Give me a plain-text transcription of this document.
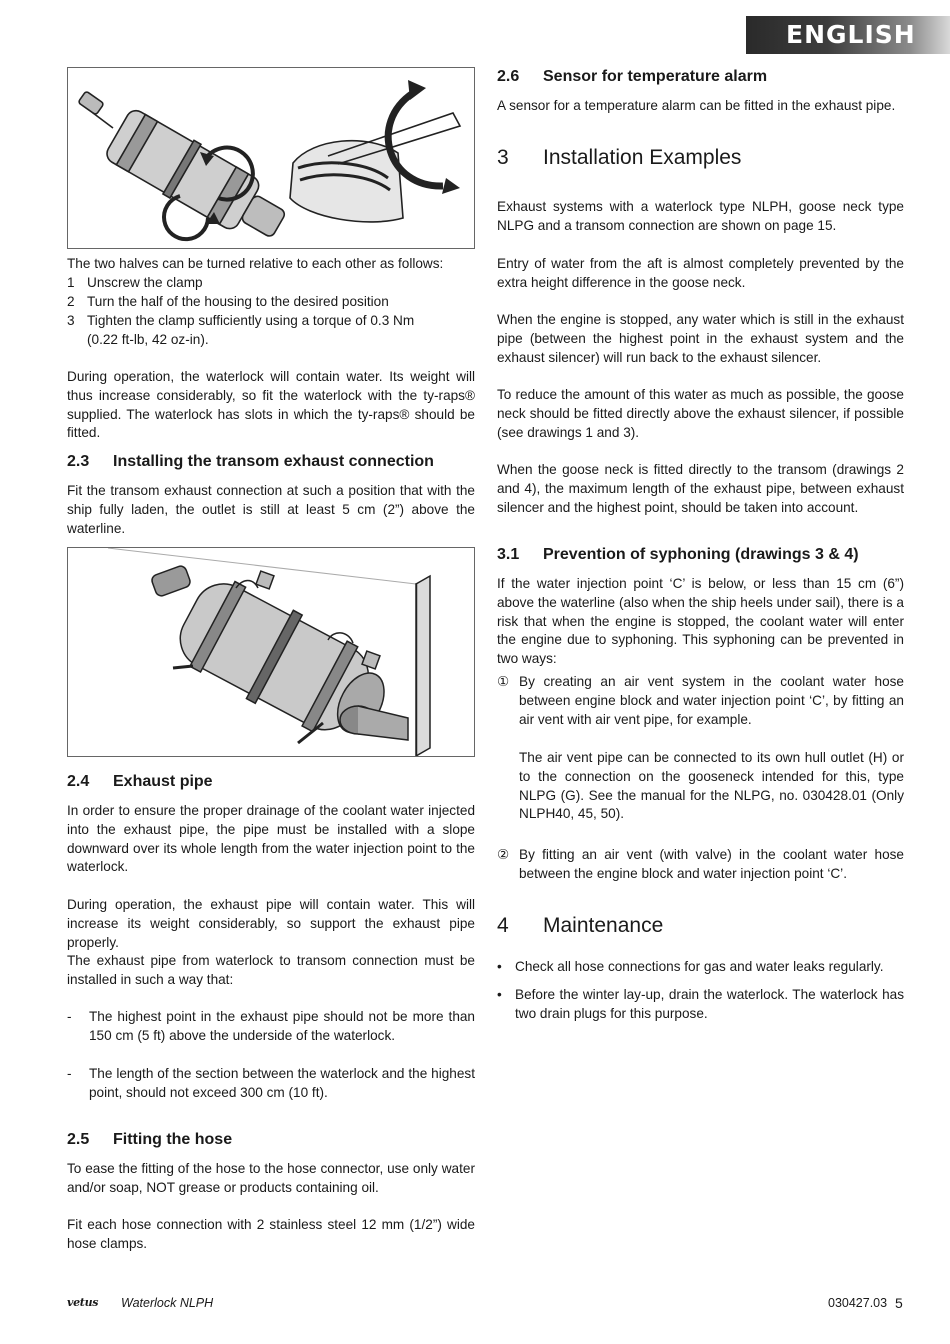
ENGLISH

The two halves can be turned relative to each other as follows:

1 Unscrew the clamp
2 Turn the half of the housing to the desired position
3 Tighten the clamp sufficiently using a torque of 0.3 Nm (0.22 ft-lb, 42 oz-in).

During operation, the waterlock will contain water. Its weight will thus increase considerably, so fit the waterlock with the ty-raps® supplied. The waterlock has slots in which the ty-raps® should be fitted.

2.3 Installing the transom exhaust connection

Fit the transom exhaust connection at such a position that with the ship fully laden, the outlet is still at least 5 cm (2”) above the waterline.

2.4 Exhaust pipe

In order to ensure the proper drainage of the coolant water injected into the exhaust pipe, the pipe must be installed with a slope downward over its whole length from the water injection point to the waterlock.

During operation, the exhaust pipe will contain water. This will increase its weight considerably, so support the exhaust pipe properly.

The exhaust pipe from waterlock to transom connection must be installed in such a way that:

- The highest point in the exhaust pipe should not be more than 150 cm (5 ft) above the underside of the waterlock.
- The length of the section between the waterlock and the highest point, should not exceed 300 cm (10 ft).
2.5 Fitting the hose

To ease the fitting of the hose to the hose connector, use only water and/or soap, NOT grease or products containing oil.

Fit each hose connection with 2 stainless steel 12 mm (1/2”) wide hose clamps.

2.6 Sensor for temperature alarm

A sensor for a temperature alarm can be fitted in the exhaust pipe.

3 Installation Examples

Exhaust systems with a waterlock type NLPH, goose neck type NLPG and a transom connection are shown on page 15.

Entry of water from the aft is almost completely prevented by the extra height difference in the goose neck.

When the engine is stopped, any water which is still in the exhaust pipe (between the highest point in the exhaust system and the exhaust silencer) will run back to the exhaust silencer.

To reduce the amount of this water as much as possible, the goose neck should be fitted directly above the exhaust silencer, if possible (see drawings 1 and 3).

When the goose neck is fitted directly to the transom (drawings 2 and 4), the maximum length of the exhaust pipe, between exhaust silencer and the highest point, should be taken into account.

3.1 Prevention of syphoning (drawings 3 & 4)

If the water injection point ‘C’ is below, or less than 15 cm (6”) above the waterline (also when the ship heels under sail), there is a risk that when the engine is stopped, the coolant water will enter the engine due to syphoning. This syphoning can be prevented in two ways:

① By creating an air vent system in the coolant water hose between engine block and water injection point ‘C’, by fitting an air vent with air vent pipe, for example.

The air vent pipe can be connected to its own hull outlet (H) or to the connection on the gooseneck intended for this, type NLPG (G). See the manual for the NLPG, no. 030428.01 (Only NLPH40, 45, 50).

② By fitting an air vent (with valve) in the coolant water hose between the engine block and water injection point ‘C’.
4 Maintenance
• Check all hose connections for gas and water leaks regularly.
• Before the winter lay-up, drain the waterlock. The waterlock has two drain plugs for this purpose.
vetus Waterlock NLPH	030427.03 5
